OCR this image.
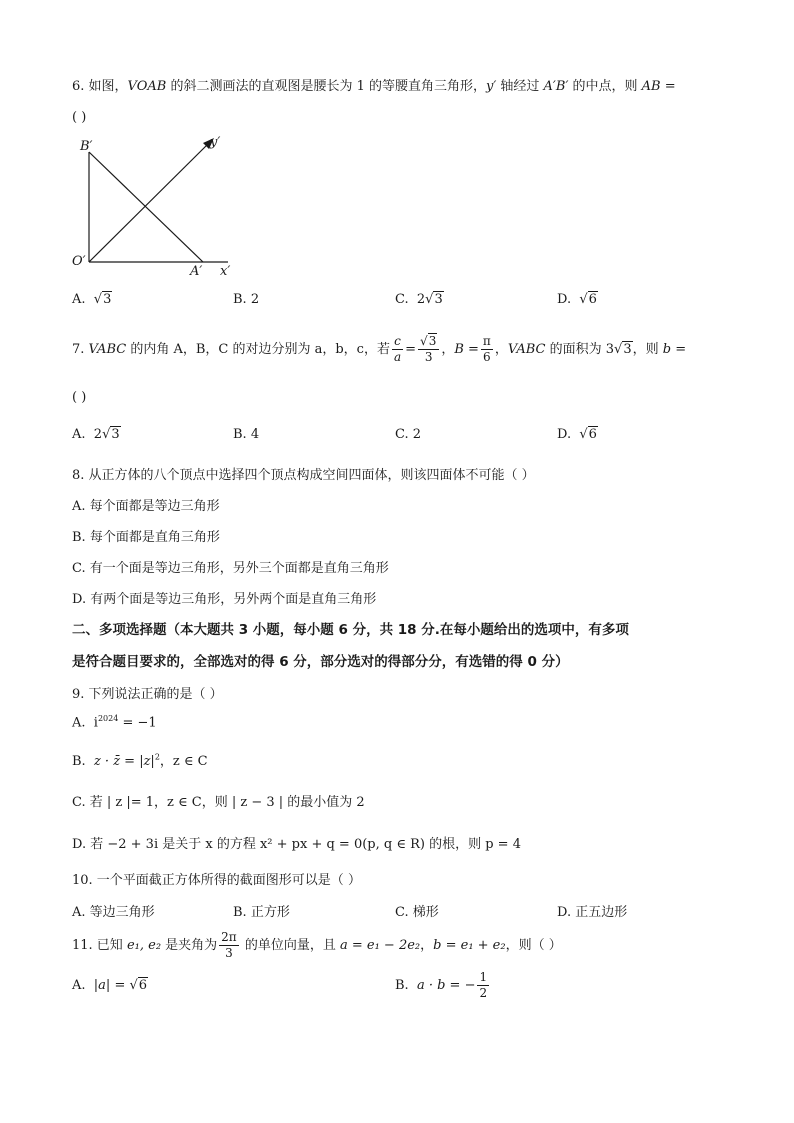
6. 如图，VOAB 的斜二测画法的直观图是腰长为 1 的等腰直角三角形，y′ 轴经过 A′B′ 的中点，则 AB =
( )
B′
O′
A′ x′
y′
A. √3	B. 2	C. 2√3	D. √6
7. VABC 的内角 A，B，C 的对边分别为 a，b，c，若 $\frac{c}{a} = \frac{√3}{3}$ ，$B = \frac{\pi}{6}$ ，VABC 的面积为 3√3，则 b =
( )
A. 2√3	B. 4	C. 2	D. √6
8. 从正方体的八个顶点中选择四个顶点构成空间四面体，则该四面体不可能（ ）
A. 每个面都是等边三角形
B. 每个面都是直角三角形
C. 有一个面是等边三角形，另外三个面都是直角三角形
D. 有两个面是等边三角形，另外两个面是直角三角形
二、多项选择题（本大题共 3 小题，每小题 6 分，共 18 分.在每小题给出的选项中，有多项
是符合题目要求的，全部选对的得 6 分，部分选对的得部分分，有选错的得 0 分）
9. 下列说法正确的是（ ）
A. $i^{2024} = -1$
B. z · z̄ = $|z|^2$，z ∈ C
C. 若 | z |= 1，z ∈ C，则 | z − 3 | 的最小值为 2
D. 若 −2 + 3i 是关于 x 的方程 x² + px + q = 0(p, q ∈ R) 的根，则 p = 4
10. 一个平面截正方体所得的截面图形可以是（ ）
A. 等边三角形	B. 正方形	C. 梯形	D. 正五边形
11. 已知 e₁, e₂ 是夹角为 $\frac{2\pi}{3}$ 的单位向量，且 a = e₁ − 2e₂，b = e₁ + e₂，则（ ）
A. |a| = √6	B. a · b = − $\frac{1}{2}$
